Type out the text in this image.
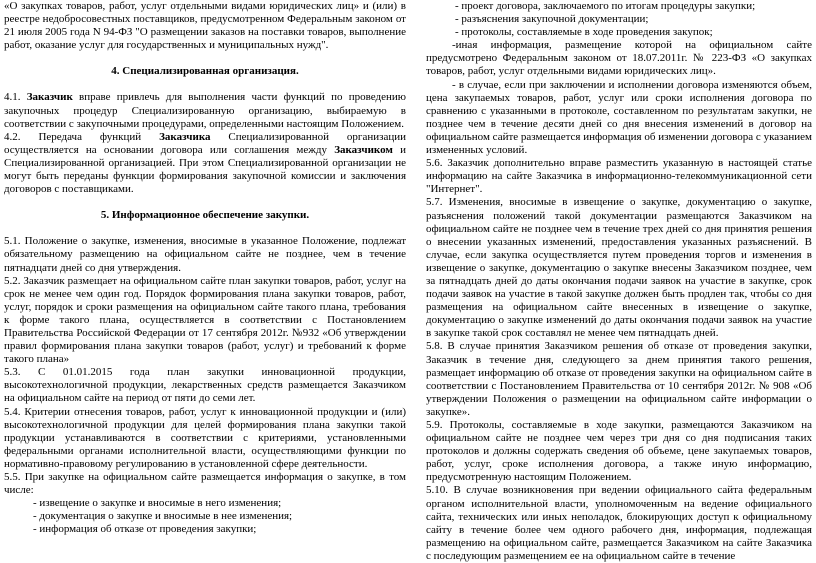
«О закупках товаров, работ, услуг отдельными видами юридических лиц» и (или) в реестре недобросовестных поставщиков, предусмотренном Федеральным законом от 21 июля 2005 года N 94-ФЗ "О размещении заказов на поставки товаров, выполнение работ, оказание услуг для государственных и муниципальных нужд".

4. Специализированная организация.

4.1. Заказчик вправе привлечь для выполнения части функций по проведению закупочных процедур Специализированную организацию, выбираемую в соответствии с закупочными процедурами, определенными настоящим Положением.

4.2. Передача функций Заказчика Специализированной организации осуществляется на основании договора или соглашения между Заказчиком и Специализированной организацией. При этом Специализированной организации не могут быть переданы функции формирования закупочной комиссии и заключения договоров с поставщиками.

5. Информационное обеспечение закупки.

5.1. Положение о закупке, изменения, вносимые в указанное Положение, подлежат обязательному размещению на официальном сайте не позднее, чем в течение пятнадцати дней со дня утверждения.

5.2. Заказчик размещает на официальном сайте план закупки товаров, работ, услуг на срок не менее чем один год. Порядок формирования плана закупки товаров, работ, услуг, порядок и сроки размещения на официальном сайте такого плана, требования к форме такого плана, осуществляется в соответствии с Постановлением Правительства Российской Федерации от 17 сентября 2012г. №932 «Об утверждении правил формирования плана закупки товаров (работ, услуг) и требований к форме такого плана»

5.3. С 01.01.2015 года план закупки инновационной продукции, высокотехнологичной продукции, лекарственных средств размещается Заказчиком на официальном сайте на период от пяти до семи лет.

5.4. Критерии отнесения товаров, работ, услуг к инновационной продукции и (или) высокотехнологичной продукции для целей формирования плана закупки такой продукции устанавливаются в соответствии с критериями, установленными федеральными органами исполнительной власти, осуществляющими функции по нормативно-правовому регулированию в установленной сфере деятельности.

5.5. При закупке на официальном сайте размещается информация о закупке, в том числе:

- извещение о закупке и вносимые в него изменения;

- документация о закупке и вносимые в нее изменения;

- информация об отказе от проведения закупки;

- проект договора, заключаемого по итогам процедуры закупки;

- разъяснения закупочной документации;

- протоколы, составляемые в ходе проведения закупок;

-иная информация, размещение которой на официальном сайте предусмотрено Федеральным законом от 18.07.2011г. № 223-ФЗ «О закупках товаров, работ, услуг отдельными видами юридических лиц».

- в случае, если при заключении и исполнении договора изменяются объем, цена закупаемых товаров, работ, услуг или сроки исполнения договора по сравнению с указанными в протоколе, составленном по результатам закупки, не позднее чем в течение десяти дней со дня внесения изменений в договор на официальном сайте размещается информация об изменении договора с указанием измененных условий.

5.6. Заказчик дополнительно вправе разместить указанную в настоящей статье информацию на сайте Заказчика в информационно-телекоммуникационной сети "Интернет".

5.7. Изменения, вносимые в извещение о закупке, документацию о закупке, разъяснения положений такой документации размещаются Заказчиком на официальном сайте не позднее чем в течение трех дней со дня принятия решения о внесении указанных изменений, предоставления указанных разъяснений. В случае, если закупка осуществляется путем проведения торгов и изменения в извещение о закупке, документацию о закупке внесены Заказчиком позднее, чем за пятнадцать дней до даты окончания подачи заявок на участие в закупке, срок подачи заявок на участие в такой закупке должен быть продлен так, чтобы со дня размещения на официальном сайте внесенных в извещение о закупке, документацию о закупке изменений до даты окончания подачи заявок на участие в закупке такой срок составлял не менее чем пятнадцать дней.

5.8. В случае принятия Заказчиком решения об отказе от проведения закупки, Заказчик в течение дня, следующего за днем принятия такого решения, размещает информацию об отказе от проведения закупки на официальном сайте в соответствии с Постановлением Правительства от 10 сентября 2012г. № 908 «Об утверждении Положения о размещении на официальном сайте информации о закупке».

5.9. Протоколы, составляемые в ходе закупки, размещаются Заказчиком на официальном сайте не позднее чем через три дня со дня подписания таких протоколов и должны содержать сведения об объеме, цене закупаемых товаров, работ, услуг, сроке исполнения договора, а также иную информацию, предусмотренную настоящим Положением.

5.10. В случае возникновения при ведении официального сайта федеральным органом исполнительной власти, уполномоченным на ведение официального сайта, технических или иных неполадок, блокирующих доступ к официальному сайту в течение более чем одного рабочего дня, информация, подлежащая размещению на официальном сайте, размещается Заказчиком на сайте Заказчика с последующим размещением ее на официальном сайте в течение
